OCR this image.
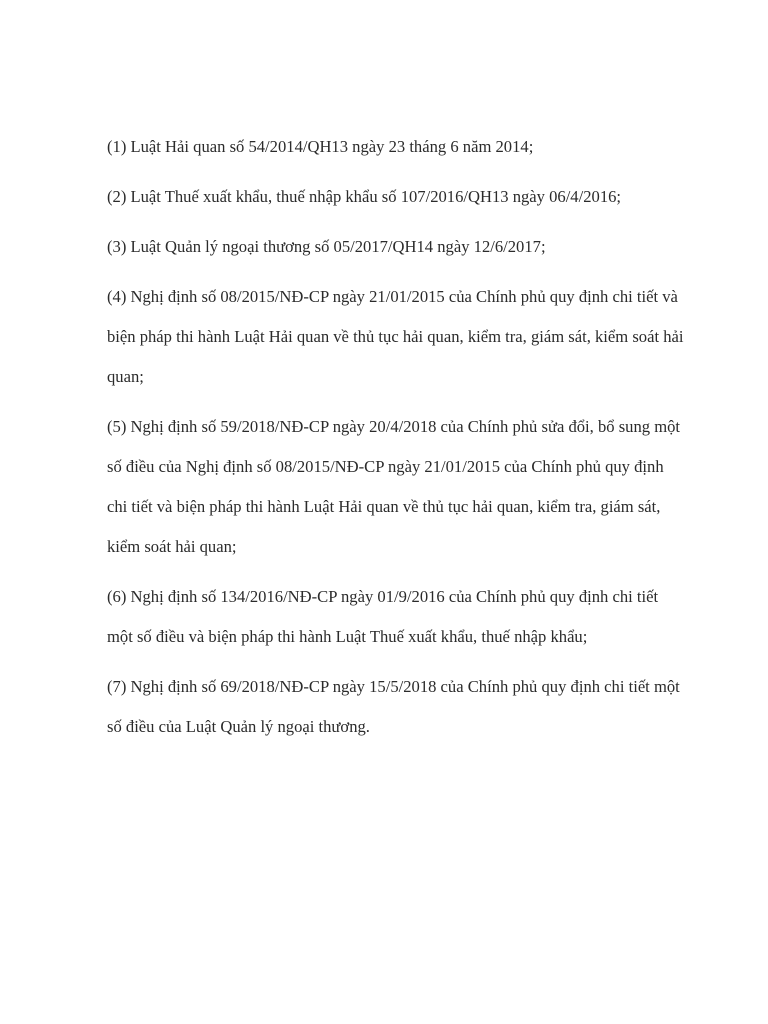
(1) Luật Hải quan số 54/2014/QH13 ngày 23 tháng 6 năm 2014;

(2) Luật Thuế xuất khẩu, thuế nhập khẩu số 107/2016/QH13 ngày 06/4/2016;

(3) Luật Quản lý ngoại thương số 05/2017/QH14 ngày 12/6/2017;

(4) Nghị định số 08/2015/NĐ-CP ngày 21/01/2015 của Chính phủ quy định chi tiết và
biện pháp thi hành Luật Hải quan về thủ tục hải quan, kiểm tra, giám sát, kiểm soát hải
quan;

(5) Nghị định số 59/2018/NĐ-CP ngày 20/4/2018 của Chính phủ sửa đổi, bổ sung một
số điều của Nghị định số 08/2015/NĐ-CP ngày 21/01/2015 của Chính phủ quy định
chi tiết và biện pháp thi hành Luật Hải quan về thủ tục hải quan, kiểm tra, giám sát,
kiểm soát hải quan;

(6) Nghị định số 134/2016/NĐ-CP ngày 01/9/2016 của Chính phủ quy định chi tiết
một số điều và biện pháp thi hành Luật Thuế xuất khẩu, thuế nhập khẩu;

(7) Nghị định số 69/2018/NĐ-CP ngày 15/5/2018 của Chính phủ quy định chi tiết một
số điều của Luật Quản lý ngoại thương.
